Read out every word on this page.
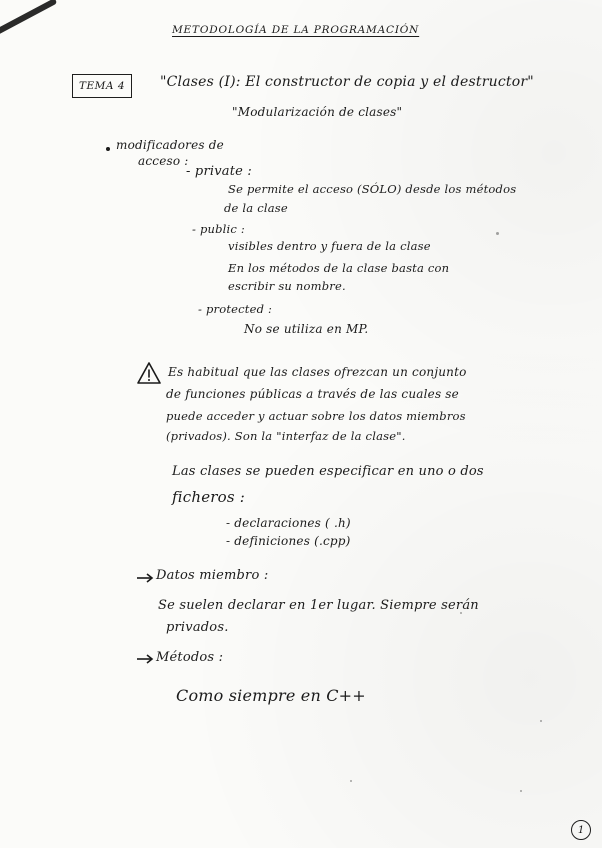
METODOLOGÍA DE LA PROGRAMACIÓN
TEMA 4 "Clases (I): El constructor de copia y el destructor"
"Modularización de clases"
modificadores de
acceso :
- private :
Se permite el acceso (SÓLO) desde los métodos
de la clase
- public :
visibles dentro y fuera de la clase
En los métodos de la clase basta con
escribir su nombre.
- protected :
No se utiliza en MP.
Es habitual que las clases ofrezcan un conjunto
de funciones públicas a través de las cuales se
puede acceder y actuar sobre los datos miembros
(privados). Son la "interfaz de la clase".
Las clases se pueden especificar en uno o dos
ficheros :
- declaraciones ( .h)
- definiciones (.cpp)
Datos miembro :
Se suelen declarar en 1er lugar. Siempre serán
privados.
Métodos :
Como siempre en C++
1
